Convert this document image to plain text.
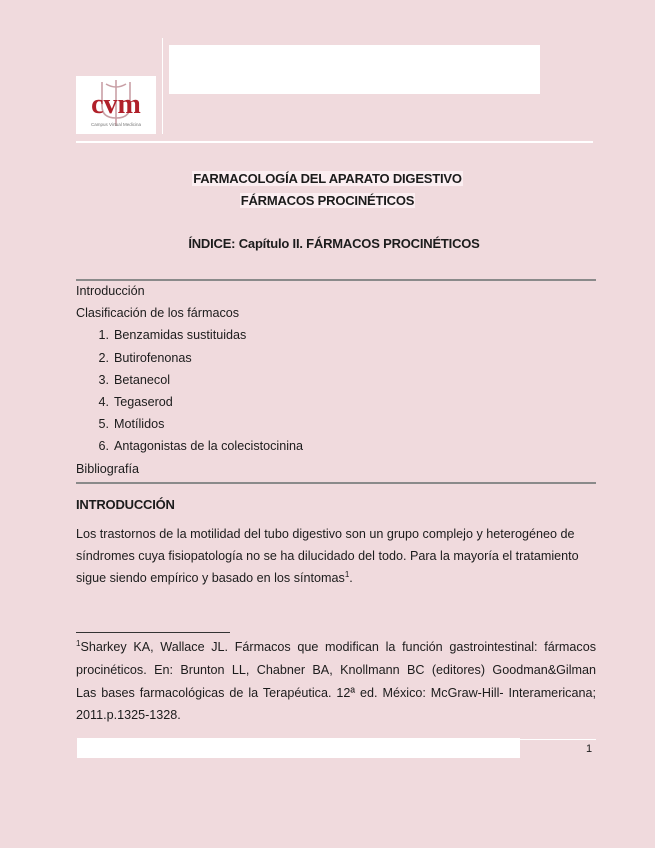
cvm
Campus Virtual Medicina
FARMACOLOGÍA DEL APARATO DIGESTIVO
FÁRMACOS PROCINÉTICOS
ÍNDICE: Capítulo II. FÁRMACOS PROCINÉTICOS
Introducción
Clasificación de los fármacos
1. Benzamidas sustituidas
2. Butirofenonas
3. Betanecol
4. Tegaserod
5. Motílidos
6. Antagonistas de la colecistocinina
Bibliografía
INTRODUCCIÓN

Los trastornos de la motilidad del tubo digestivo son un grupo complejo y heterogéneo de
síndromes cuya fisiopatología no se ha dilucidado del todo. Para la mayoría el tratamiento
sigue siendo empírico y basado en los síntomas$^1$.

$^1$Sharkey KA, Wallace JL. Fármacos que modifican la función gastrointestinal: fármacos
procinéticos. En: Brunton LL, Chabner BA, Knollmann BC (editores) Goodman&Gilman
Las bases farmacológicas de la Terapéutica. 12ª ed. México: McGraw-Hill- Interamericana;
2011.p.1325-1328.

1
